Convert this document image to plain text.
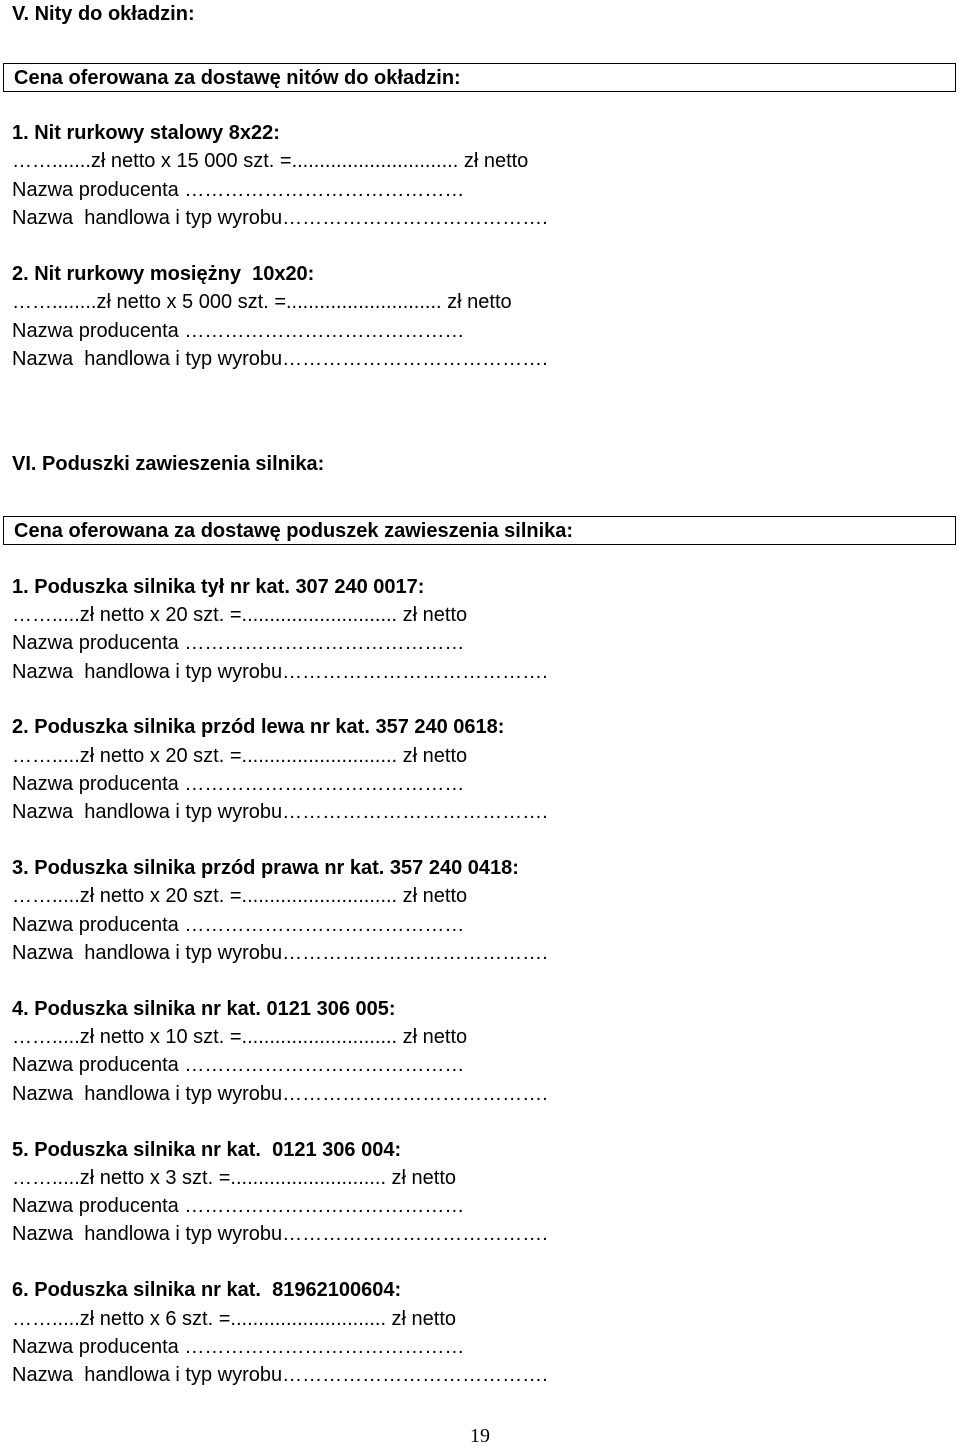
V. Nity do okładzin:
Cena oferowana za dostawę nitów do okładzin:
1. Nit rurkowy stalowy 8x22:
…….......zł netto x 15 000 szt. =.............................. zł netto
Nazwa producenta ……………………………………
Nazwa  handlowa i typ wyrobu………………………………….
2. Nit rurkowy mosiężny  10x20:
……........zł netto x 5 000 szt. =............................ zł netto
Nazwa producenta ……………………………………
Nazwa  handlowa i typ wyrobu………………………………….
VI. Poduszki zawieszenia silnika:
Cena oferowana za dostawę poduszek zawieszenia silnika:
1. Poduszka silnika tył nr kat. 307 240 0017:
…….....zł netto x 20 szt. =............................ zł netto
Nazwa producenta ……………………………………
Nazwa  handlowa i typ wyrobu………………………………….
2. Poduszka silnika przód lewa nr kat. 357 240 0618:
…….....zł netto x 20 szt. =............................ zł netto
Nazwa producenta ……………………………………
Nazwa  handlowa i typ wyrobu………………………………….
3. Poduszka silnika przód prawa nr kat. 357 240 0418:
…….....zł netto x 20 szt. =............................ zł netto
Nazwa producenta ……………………………………
Nazwa  handlowa i typ wyrobu………………………………….
4. Poduszka silnika nr kat. 0121 306 005:
…….....zł netto x 10 szt. =............................ zł netto
Nazwa producenta ……………………………………
Nazwa  handlowa i typ wyrobu………………………………….
5. Poduszka silnika nr kat.  0121 306 004:
…….....zł netto x 3 szt. =............................ zł netto
Nazwa producenta ……………………………………
Nazwa  handlowa i typ wyrobu………………………………….
6. Poduszka silnika nr kat.  81962100604:
…….....zł netto x 6 szt. =............................ zł netto
Nazwa producenta ……………………………………
Nazwa  handlowa i typ wyrobu………………………………….
19
